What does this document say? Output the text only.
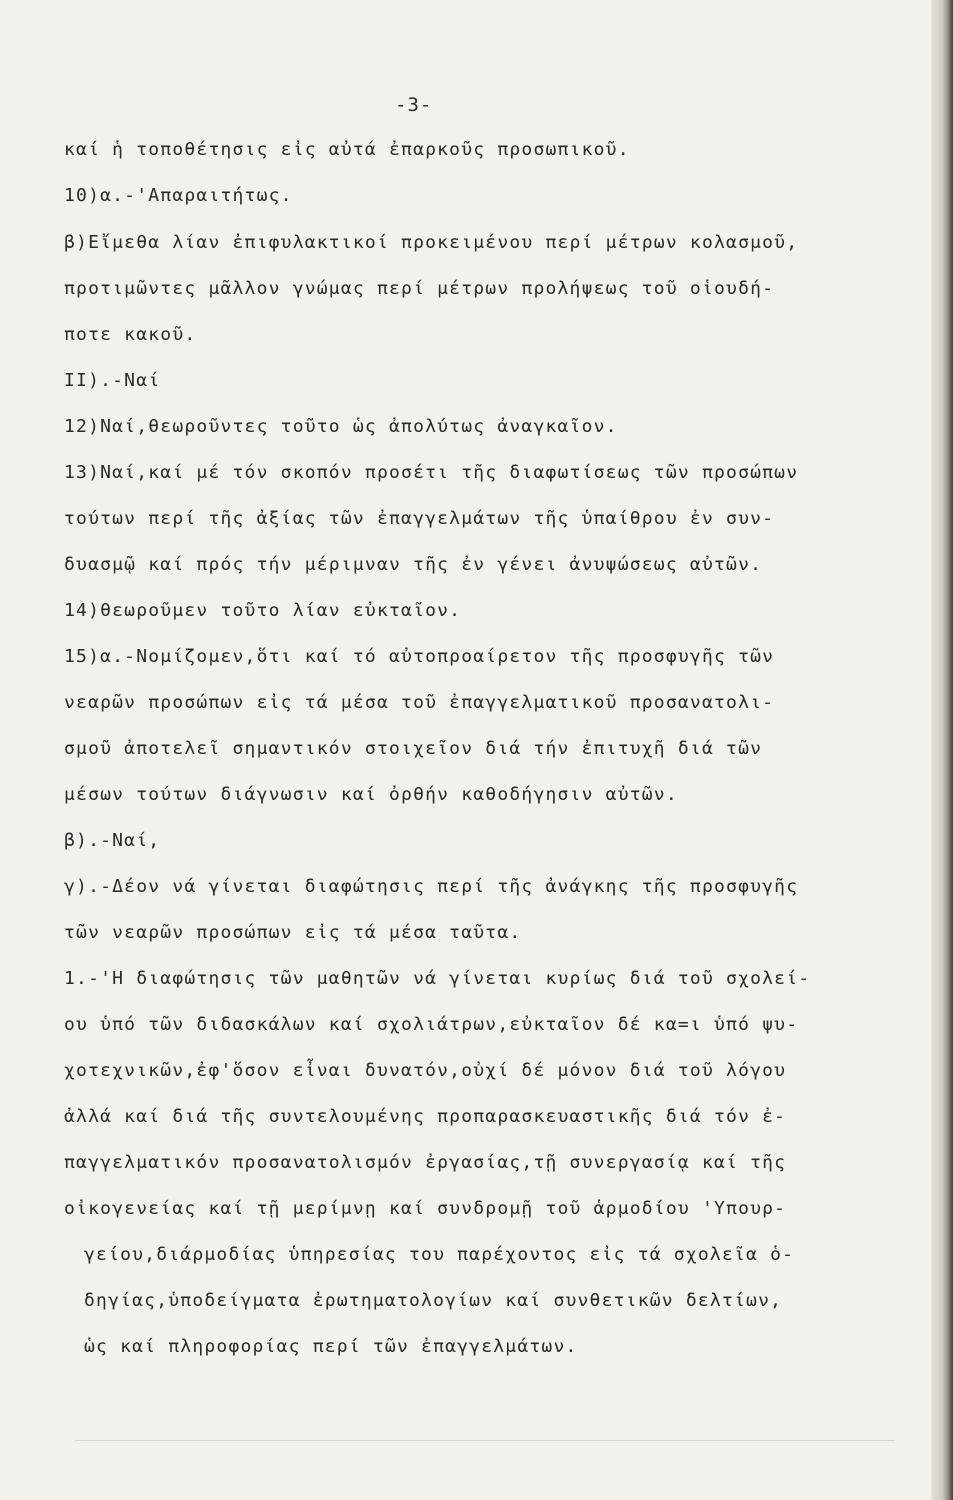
-3-
καί ἡ τοποθέτησις εἰς αὐτά ἐπαρκοῦς προσωπικοῦ.
10)α.-'Απαραιτήτως.
β)Εἴμεθα λίαν ἐπιφυλακτικοί προκειμένου περί μέτρων κολασμοῦ,
προτιμῶντες μᾶλλον γνώμας περί μέτρων προλήψεως τοῦ οἱουδή-
ποτε κακοῦ.
II).-Ναί
12)Ναί,θεωροῦντες τοῦτο ὡς ἀπολύτως ἀναγκαῖον.
13)Ναί,καί μέ τόν σκοπόν προσέτι τῆς διαφωτίσεως τῶν προσώπων
τούτων περί τῆς ἀξίας τῶν ἐπαγγελμάτων τῆς ὑπαίθρου ἐν συν-
δυασμῷ καί πρός τήν μέριμναν τῆς ἐν γένει ἀνυψώσεως αὐτῶν.
14)θεωροῦμεν τοῦτο λίαν εὐκταῖον.
15)α.-Νομίζομεν,ὅτι καί τό αὐτοπροαίρετον τῆς προσφυγῆς τῶν
νεαρῶν προσώπων εἰς τά μέσα τοῦ ἐπαγγελματικοῦ προσανατολι-
σμοῦ ἀποτελεῖ σημαντικόν στοιχεῖον διά τήν ἐπιτυχῆ διά τῶν
μέσων τούτων διάγνωσιν καί ὀρθήν καθοδήγησιν αὐτῶν.
β).-Ναί,
γ).-Δέον νά γίνεται διαφώτησις περί τῆς ἀνάγκης τῆς προσφυγῆς
τῶν νεαρῶν προσώπων εἰς τά μέσα ταῦτα.
1.-'Η διαφώτησις τῶν μαθητῶν νά γίνεται κυρίως διά τοῦ σχολεί-
ου ὑπό τῶν διδασκάλων καί σχολιάτρων,εὐκταῖον δέ κα=ι ὑπό ψυ-
χοτεχνικῶν,ἐφ'ὅσον εἶναι δυνατόν,οὐχί δέ μόνον διά τοῦ λόγου
ἀλλά καί διά τῆς συντελουμένης προπαρασκευαστικῆς διά τόν ἐ-
παγγελματικόν προσανατολισμόν ἐργασίας,τῇ συνεργασίᾳ καί τῆς
οἰκογενείας καί τῇ μερίμνῃ καί συνδρομῇ τοῦ ἁρμοδίου 'Υπουρ-
γείου,διάρμοδίας ὑπηρεσίας του παρέχοντος εἰς τά σχολεῖα ὁ-
δηγίας,ὑποδείγματα ἐρωτηματολογίων καί συνθετικῶν δελτίων,
ὡς καί πληροφορίας περί τῶν ἐπαγγελμάτων.
